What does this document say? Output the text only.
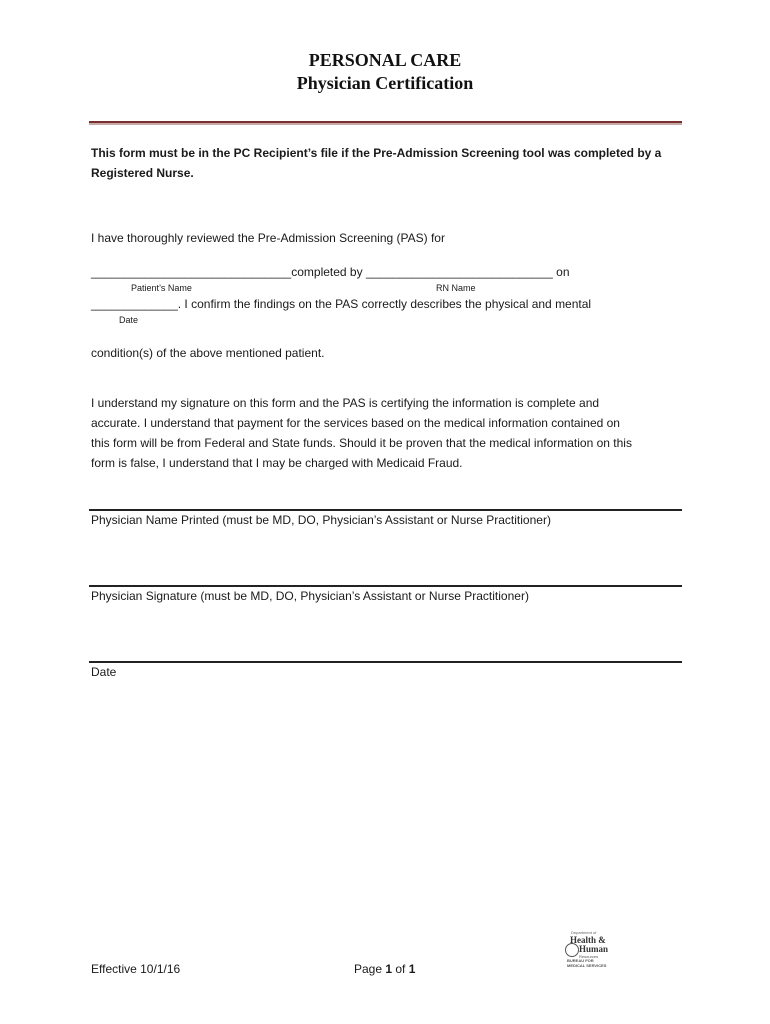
PERSONAL CARE
Physician Certification
This form must be in the PC Recipient’s file if the Pre-Admission Screening tool was completed by a
Registered Nurse.
I have thoroughly reviewed the Pre-Admission Screening (PAS) for
______________________________completed by ____________________________ on
Patient’s Name	RN Name
_____________. I confirm the findings on the PAS correctly describes the physical and mental
Date
condition(s) of the above mentioned patient.
I understand my signature on this form and the PAS is certifying the information is complete and
accurate. I understand that payment for the services based on the medical information contained on
this form will be from Federal and State funds. Should it be proven that the medical information on this
form is false, I understand that I may be charged with Medicaid Fraud.
Physician Name Printed (must be MD, DO, Physician’s Assistant or Nurse Practitioner)
Physician Signature (must be MD, DO, Physician’s Assistant or Nurse Practitioner)
Date
Effective 10/1/16	Page 1 of 1
Department of
Health &
Human
Resources
BUREAU FOR
MEDICAL SERVICES
